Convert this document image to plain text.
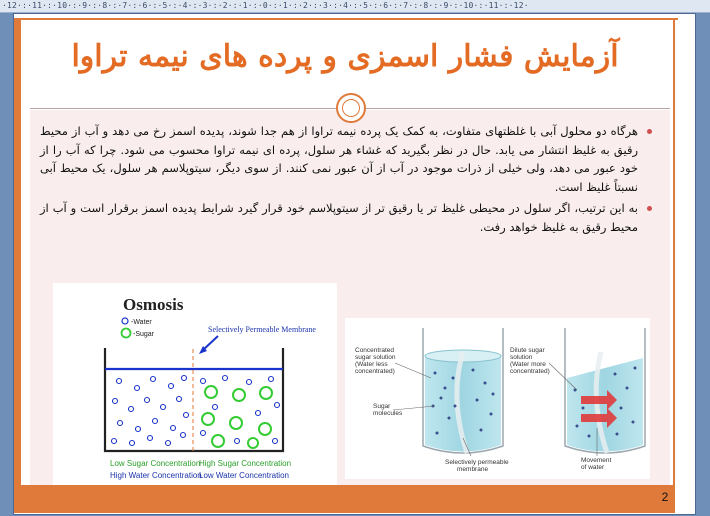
·12·:·11·:·10·:·9·:·8·:·7·:·6·:·5·:·4·:·3·:·2·:·1·:·0·:·1·:·2·:·3·:·4·:·5·:·6·:·7·:·8·:·9·:·10·:·11·:·12·
آزمایش فشار اسمزی و پرده های نیمه تراوا
هرگاه دو محلول آبی با غلظتهای متفاوت، به کمک یک پرده نیمه تراوا از هم جدا شوند، پدیده اسمز رخ می دهد و آب از محیط رقیق به غلیظ انتشار می یابد. حال در نظر بگیرید که غشاء هر سلول، پرده ای نیمه تراوا محسوب می شود. چرا که آب را از خود عبور می دهد، ولی خیلی از ذرات موجود در آب از آن عبور نمی کنند. از سوی دیگر، سیتوپلاسم هر سلول، یک محیط آبی نسبتاً غلیظ است.
به این ترتیب، اگر سلول در محیطی غلیظ تر یا رقیق تر از سیتوپلاسم خود قرار گیرد شرایط پدیده اسمز برقرار است و آب از محیط رقیق به غلیظ خواهد رفت.
Osmosis
-Water
-Sugar
Selectively Permeable Membrane
Low Sugar Concentration
High Water Concentration
High Sugar Concentration
Low Water Concentration
Concentrated
sugar solution
(Water less
concentrated)
Dilute sugar
solution
(Water more
concentrated)
Sugar
molecules
Selectively permeable
membrane
Movement
of water
2
